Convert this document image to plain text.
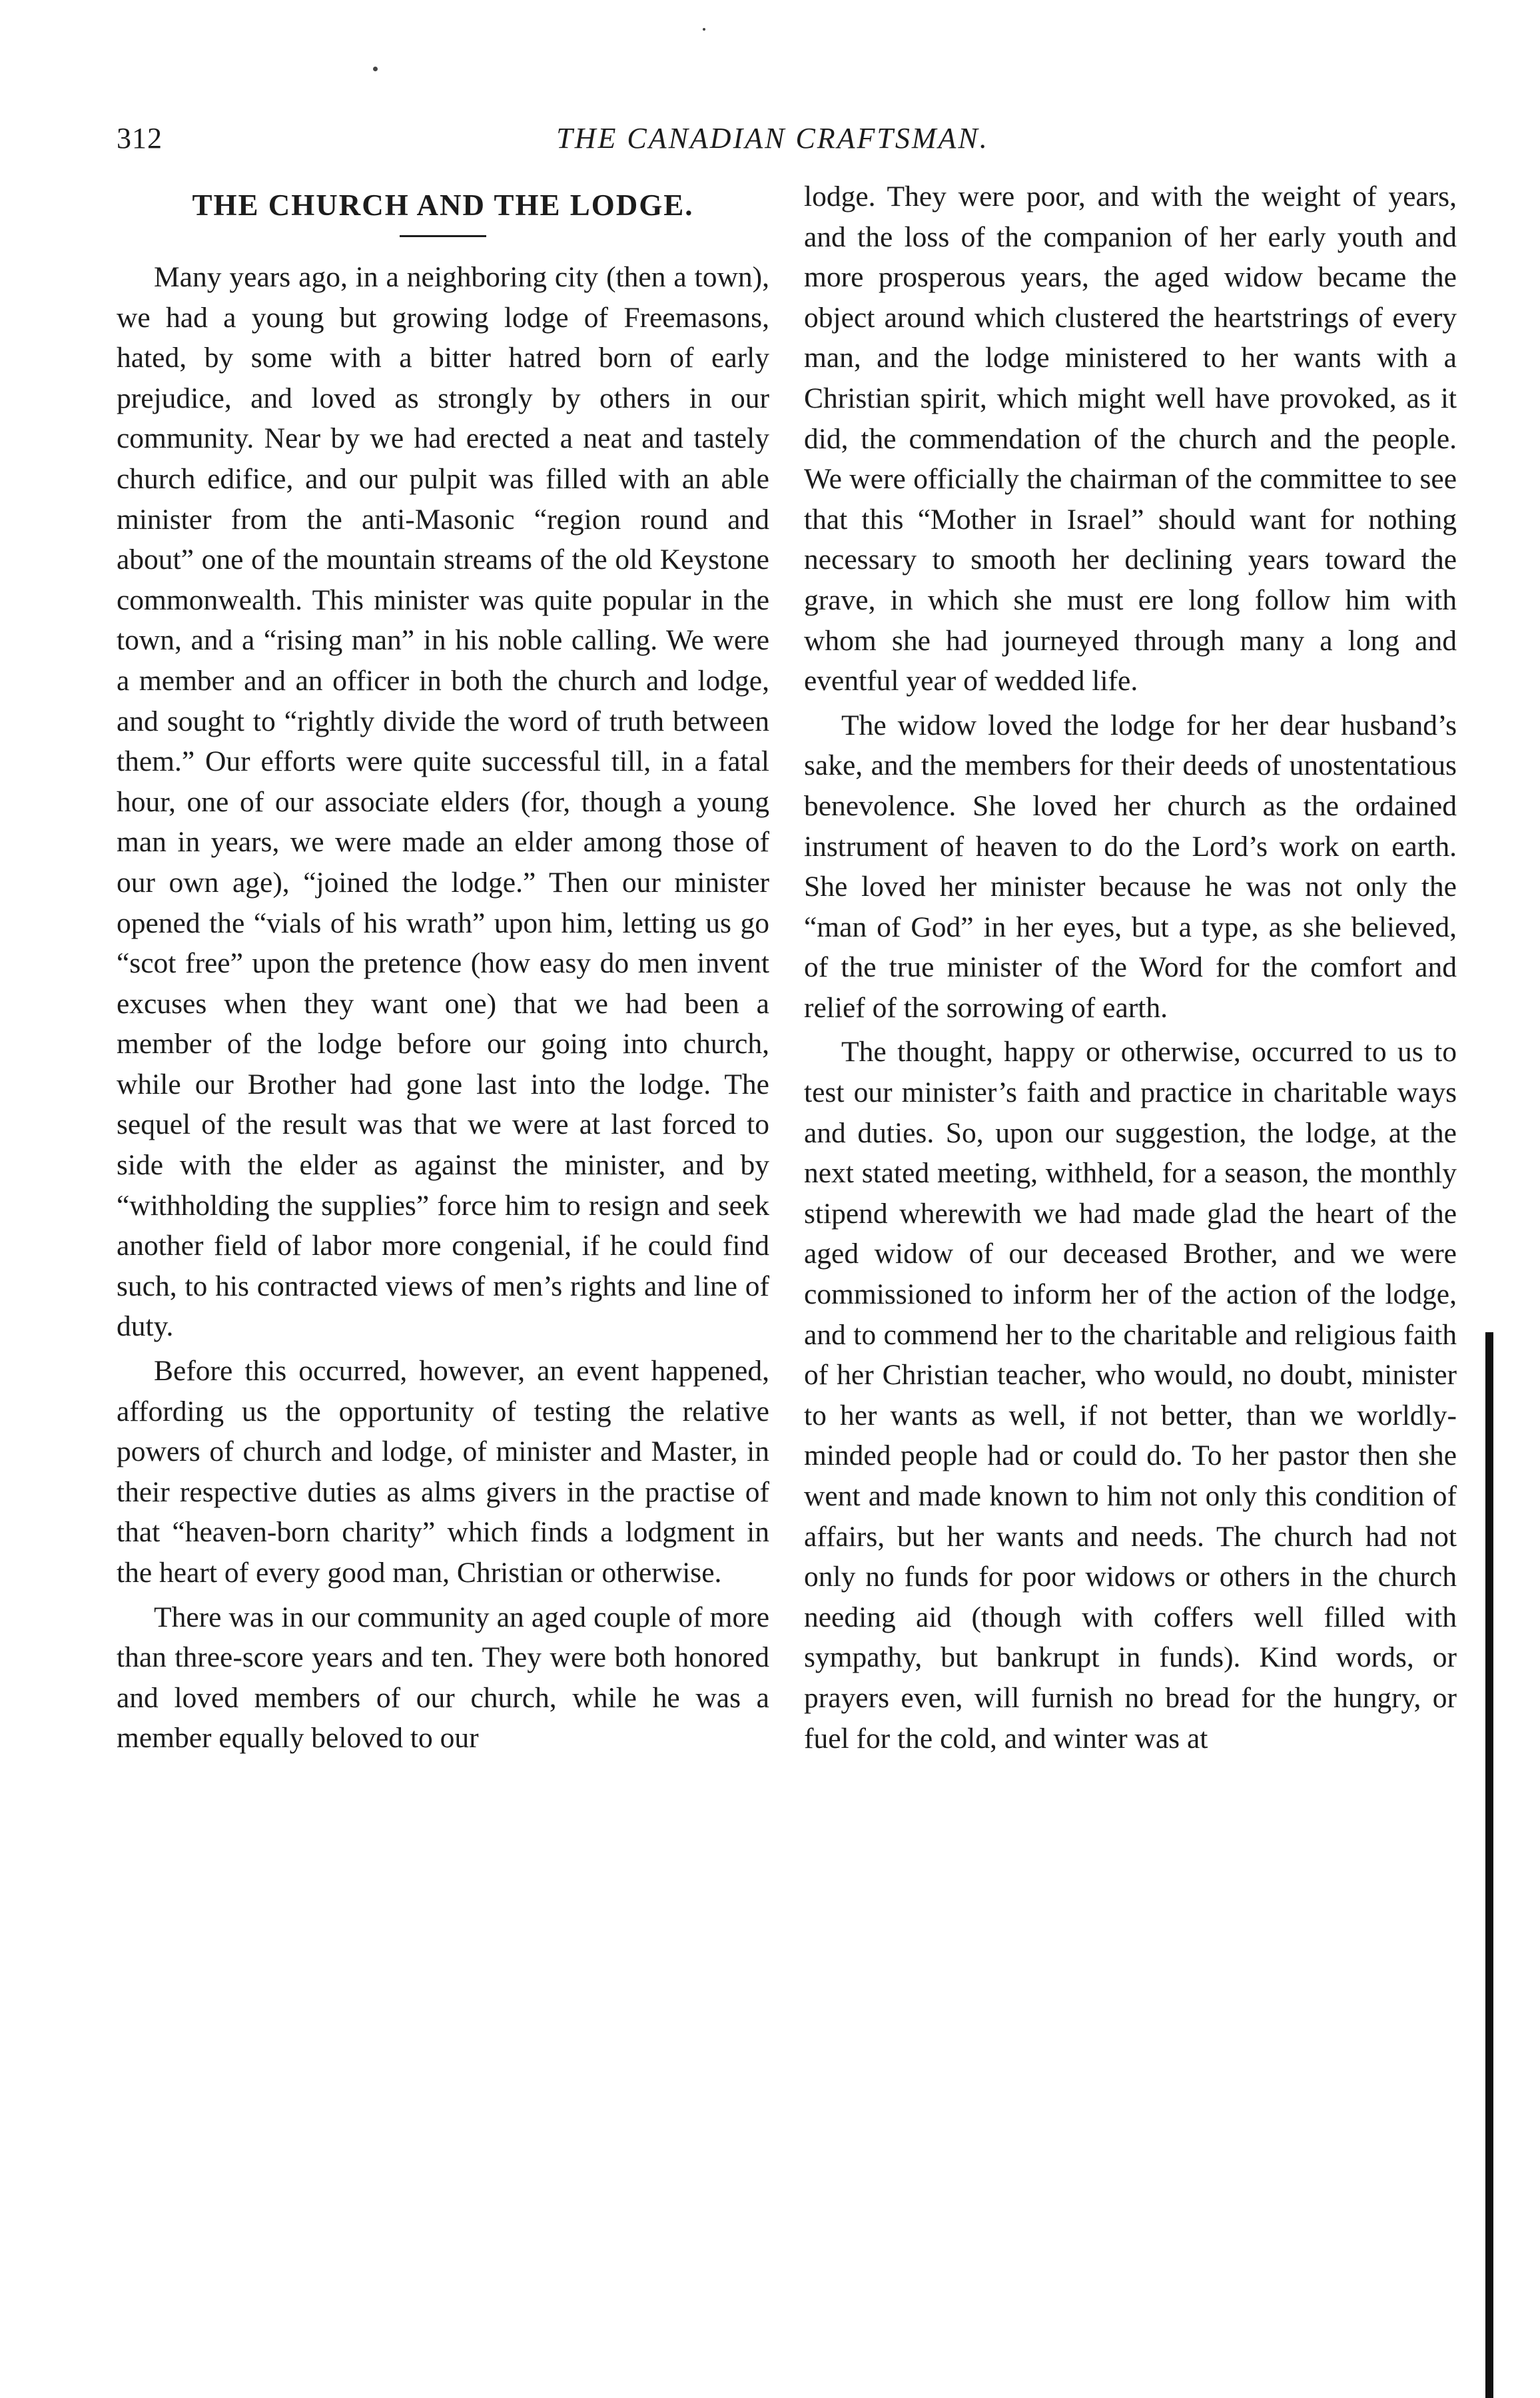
312	THE CANADIAN CRAFTSMAN.
THE CHURCH AND THE LODGE.

Many years ago, in a neighboring city (then a town), we had a young but growing lodge of Freemasons, hated, by some with a bitter hatred born of early prejudice, and loved as strongly by others in our community. Near by we had erected a neat and tastely church edifice, and our pulpit was filled with an able minister from the anti-Masonic “region round and about” one of the mountain streams of the old Keystone commonwealth. This minister was quite popular in the town, and a “rising man” in his noble calling. We were a member and an officer in both the church and lodge, and sought to “rightly divide the word of truth between them.” Our efforts were quite successful till, in a fatal hour, one of our associate elders (for, though a young man in years, we were made an elder among those of our own age), “joined the lodge.” Then our minister opened the “vials of his wrath” upon him, letting us go “scot free” upon the pretence (how easy do men invent excuses when they want one) that we had been a member of the lodge before our going into church, while our Brother had gone last into the lodge. The sequel of the result was that we were at last forced to side with the elder as against the minister, and by “withholding the supplies” force him to resign and seek another field of labor more congenial, if he could find such, to his contracted views of men’s rights and line of duty.

Before this occurred, however, an event happened, affording us the opportunity of testing the relative powers of church and lodge, of minister and Master, in their respective duties as alms givers in the practise of that “heaven-born charity” which finds a lodgment in the heart of every good man, Christian or otherwise.

There was in our community an aged couple of more than three-score years and ten. They were both honored and loved members of our church, while he was a member equally beloved to our

lodge. They were poor, and with the weight of years, and the loss of the companion of her early youth and more prosperous years, the aged widow became the object around which clustered the heartstrings of every man, and the lodge ministered to her wants with a Christian spirit, which might well have provoked, as it did, the commendation of the church and the people. We were officially the chairman of the committee to see that this “Mother in Israel” should want for nothing necessary to smooth her declining years toward the grave, in which she must ere long follow him with whom she had journeyed through many a long and eventful year of wedded life.

The widow loved the lodge for her dear husband’s sake, and the members for their deeds of unostentatious benevolence. She loved her church as the ordained instrument of heaven to do the Lord’s work on earth. She loved her minister because he was not only the “man of God” in her eyes, but a type, as she believed, of the true minister of the Word for the comfort and relief of the sorrowing of earth.

The thought, happy or otherwise, occurred to us to test our minister’s faith and practice in charitable ways and duties. So, upon our suggestion, the lodge, at the next stated meeting, withheld, for a season, the monthly stipend wherewith we had made glad the heart of the aged widow of our deceased Brother, and we were commissioned to inform her of the action of the lodge, and to commend her to the charitable and religious faith of her Christian teacher, who would, no doubt, minister to her wants as well, if not better, than we worldly-minded people had or could do. To her pastor then she went and made known to him not only this condition of affairs, but her wants and needs. The church had not only no funds for poor widows or others in the church needing aid (though with coffers well filled with sympathy, but bankrupt in funds). Kind words, or prayers even, will furnish no bread for the hungry, or fuel for the cold, and winter was at
